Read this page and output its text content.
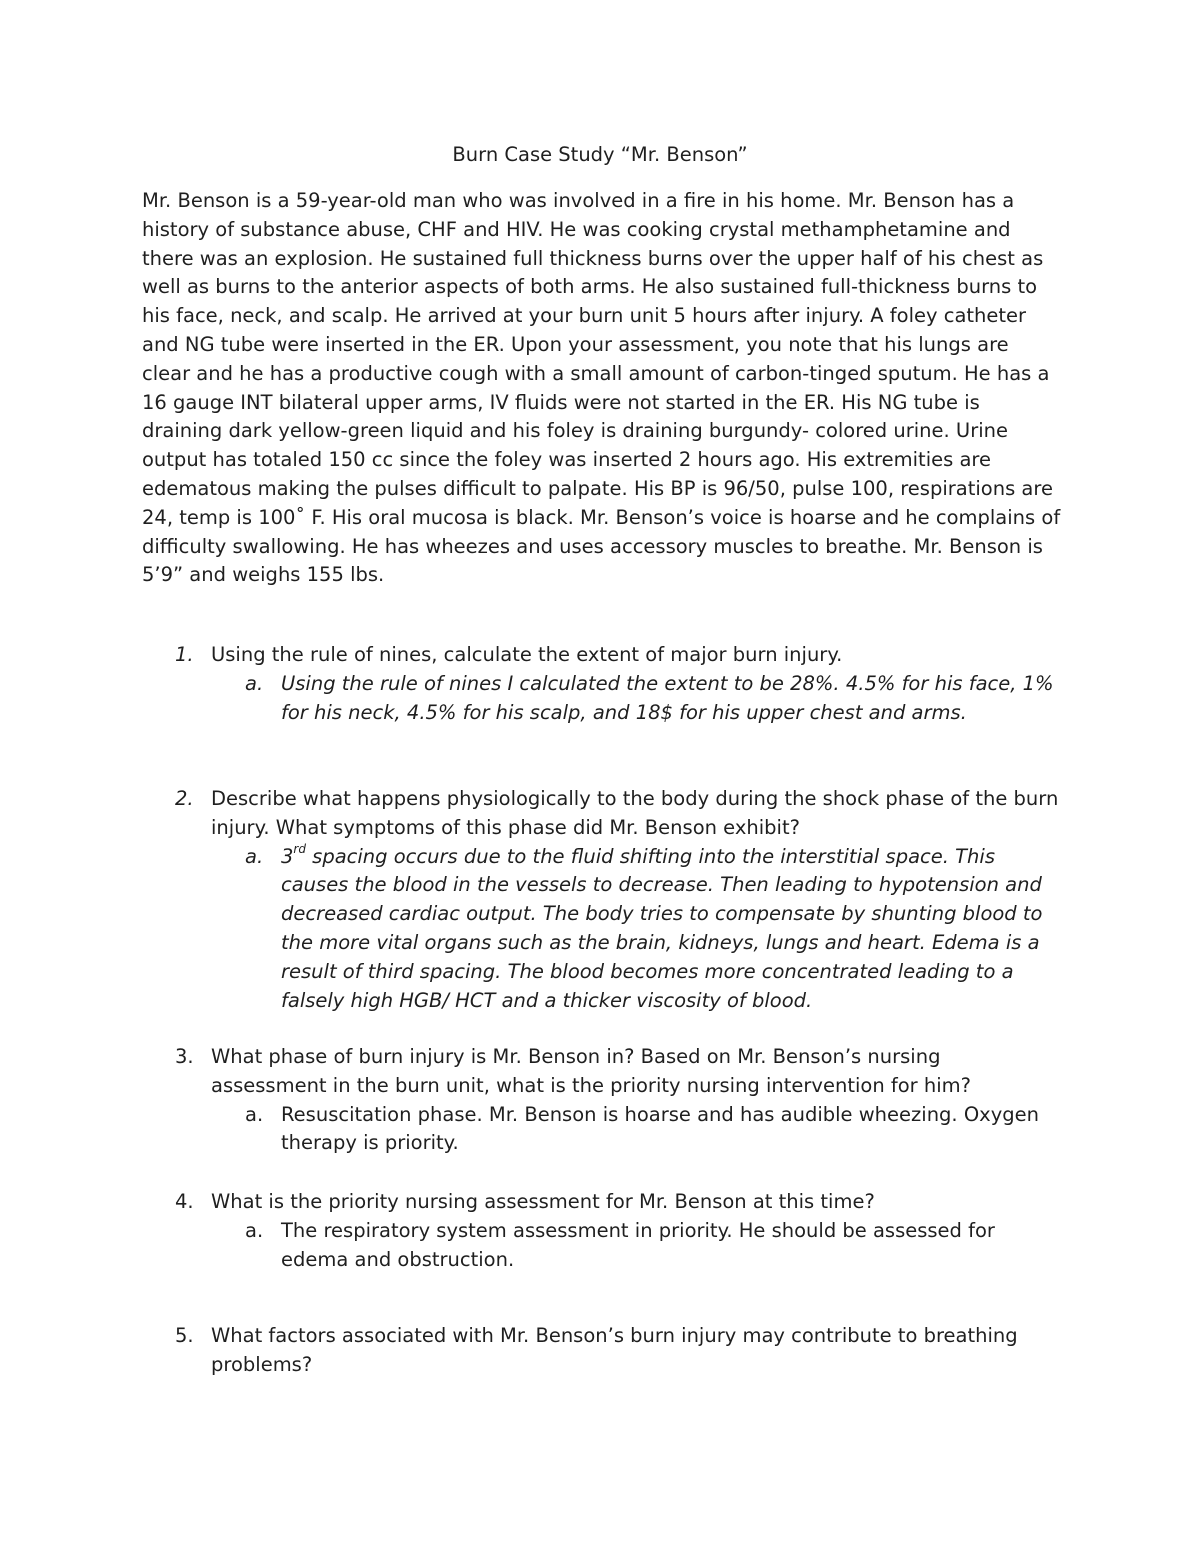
Burn Case Study “Mr. Benson”

Mr. Benson is a 59-year-old man who was involved in a fire in his home. Mr. Benson has a history of substance abuse, CHF and HIV. He was cooking crystal methamphetamine and there was an explosion. He sustained full thickness burns over the upper half of his chest as well as burns to the anterior aspects of both arms. He also sustained full-thickness burns to his face, neck, and scalp. He arrived at your burn unit 5 hours after injury. A foley catheter and NG tube were inserted in the ER. Upon your assessment, you note that his lungs are clear and he has a productive cough with a small amount of carbon-tinged sputum. He has a 16 gauge INT bilateral upper arms, IV fluids were not started in the ER. His NG tube is draining dark yellow-green liquid and his foley is draining burgundy- colored urine. Urine output has totaled 150 cc since the foley was inserted 2 hours ago. His extremities are edematous making the pulses difficult to palpate. His BP is 96/50, pulse 100, respirations are 24, temp is 100˚ F. His oral mucosa is black. Mr. Benson’s voice is hoarse and he complains of difficulty swallowing. He has wheezes and uses accessory muscles to breathe. Mr. Benson is 5’9” and weighs 155 lbs.

1. Using the rule of nines, calculate the extent of major burn injury.
a. Using the rule of nines I calculated the extent to be 28%. 4.5% for his face, 1% for his neck, 4.5% for his scalp, and 18$ for his upper chest and arms.
2. Describe what happens physiologically to the body during the shock phase of the burn injury. What symptoms of this phase did Mr. Benson exhibit?
a. 3rd spacing occurs due to the fluid shifting into the interstitial space. This causes the blood in the vessels to decrease. Then leading to hypotension and decreased cardiac output. The body tries to compensate by shunting blood to the more vital organs such as the brain, kidneys, lungs and heart. Edema is a result of third spacing. The blood becomes more concentrated leading to a falsely high HGB/ HCT and a thicker viscosity of blood.
3. What phase of burn injury is Mr. Benson in? Based on Mr. Benson’s nursing assessment in the burn unit, what is the priority nursing intervention for him?
a. Resuscitation phase. Mr. Benson is hoarse and has audible wheezing. Oxygen therapy is priority.
4. What is the priority nursing assessment for Mr. Benson at this time?
a. The respiratory system assessment in priority. He should be assessed for edema and obstruction.
5. What factors associated with Mr. Benson’s burn injury may contribute to breathing problems?
